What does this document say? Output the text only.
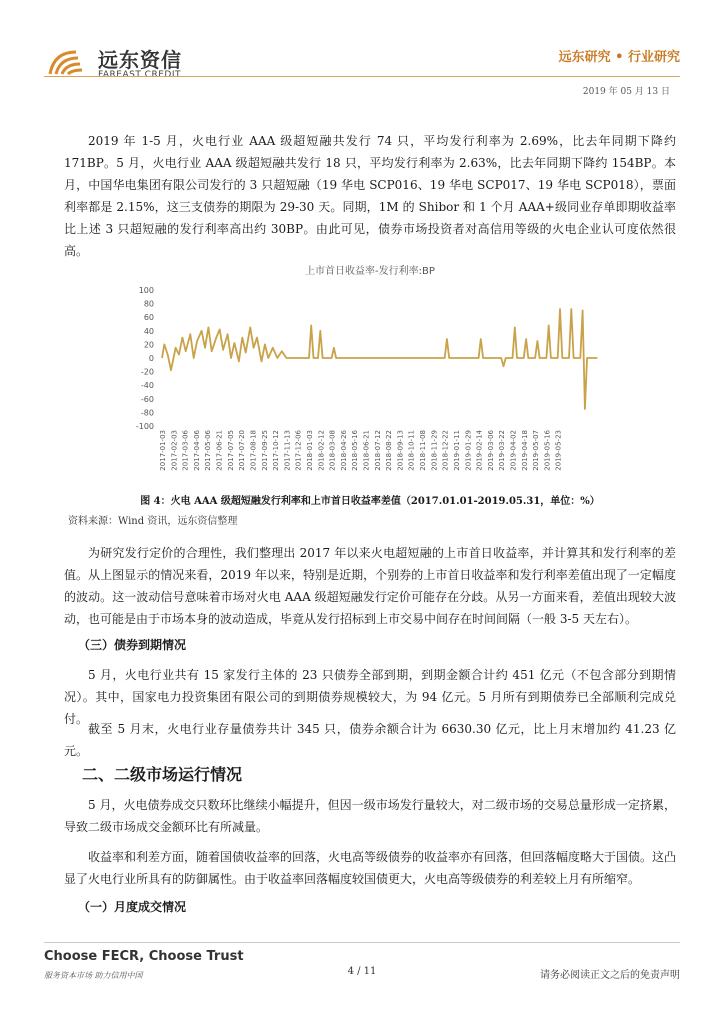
远东资信
FAREAST CREDIT
远东研究 • 行业研究
2019 年 05 月 13 日

2019 年 1-5 月，火电行业 AAA 级超短融共发行 74 只，平均发行利率为 2.69%，比去年同期下降约 171BP。5 月，火电行业 AAA 级超短融共发行 18 只，平均发行利率为 2.63%，比去年同期下降约 154BP。本月，中国华电集团有限公司发行的 3 只超短融（19 华电 SCP016、19 华电 SCP017、19 华电 SCP018），票面利率都是 2.15%，这三支债券的期限为 29-30 天。同期，1M 的 Shibor 和 1 个月 AAA+级同业存单即期收益率比上述 3 只超短融的发行利率高出约 30BP。由此可见，债券市场投资者对高信用等级的火电企业认可度依然很高。

上市首日收益率-发行利率:BP
-100
-80
-60
-40
-20
0
20
40
60
80
100
2017-01-03 2017-02-03 2017-03-06 2017-04-06 2017-05-06 2017-06-21 2017-07-05 2017-07-20 2017-08-18 2017-09-25 2017-10-12 2017-11-13 2017-12-06 2018-01-03 2018-02-12 2018-03-08 2018-04-26 2018-05-16 2018-06-21 2018-07-12 2018-08-22 2018-09-13 2018-10-11 2018-11-08 2018-11-29 2018-12-22 2019-01-11 2019-01-29 2019-02-14 2019-03-06 2019-03-22 2019-04-02 2019-04-18 2019-05-07 2019-05-16 2019-05-23
图 4：火电 AAA 级超短融发行利率和上市首日收益率差值（2017.01.01-2019.05.31，单位：%）
资料来源：Wind 资讯，远东资信整理

为研究发行定价的合理性，我们整理出 2017 年以来火电超短融的上市首日收益率，并计算其和发行利率的差值。从上图显示的情况来看，2019 年以来，特别是近期，个别券的上市首日收益率和发行利率差值出现了一定幅度的波动。这一波动信号意味着市场对火电 AAA 级超短融发行定价可能存在分歧。从另一方面来看，差值出现较大波动，也可能是由于市场本身的波动造成，毕竟从发行招标到上市交易中间存在时间间隔（一般 3-5 天左右）。

（三）债券到期情况

5 月，火电行业共有 15 家发行主体的 23 只债券全部到期，到期金额合计约 451 亿元（不包含部分到期情况）。其中，国家电力投资集团有限公司的到期债券规模较大，为 94 亿元。5 月所有到期债券已全部顺利完成兑付。

截至 5 月末，火电行业存量债券共计 345 只，债券余额合计为 6630.30 亿元，比上月末增加约 41.23 亿元。

二、二级市场运行情况

5 月，火电债券成交只数环比继续小幅提升，但因一级市场发行量较大，对二级市场的交易总量形成一定挤累，导致二级市场成交金额环比有所减量。

收益率和利差方面，随着国债收益率的回落，火电高等级债券的收益率亦有回落，但回落幅度略大于国债。这凸显了火电行业所具有的防御属性。由于收益率回落幅度较国债更大，火电高等级债券的利差较上月有所缩窄。

（一）月度成交情况
Choose FECR, Choose Trust
服务资本市场 助力信用中国	4 / 11	请务必阅读正文之后的免责声明
